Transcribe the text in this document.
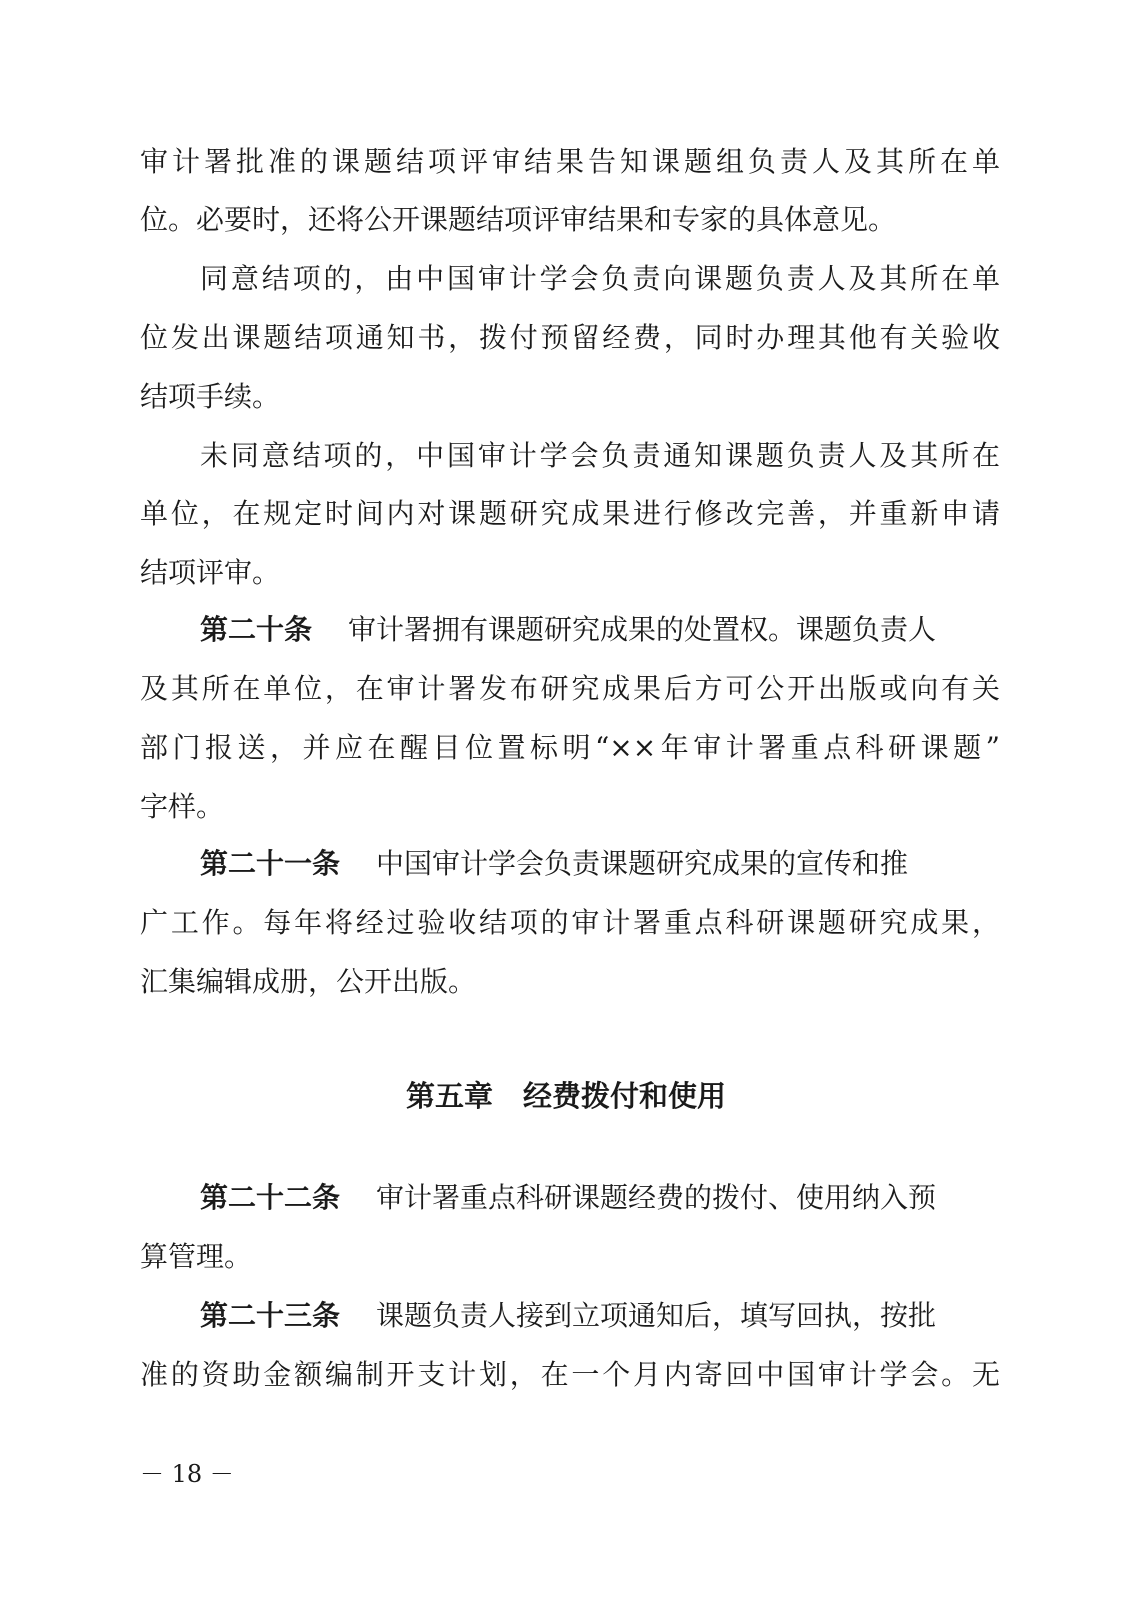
审计署批准的课题结项评审结果告知课题组负责人及其所在单
位。必要时，还将公开课题结项评审结果和专家的具体意见。
同意结项的，由中国审计学会负责向课题负责人及其所在单
位发出课题结项通知书，拨付预留经费，同时办理其他有关验收
结项手续。
未同意结项的，中国审计学会负责通知课题负责人及其所在
单位，在规定时间内对课题研究成果进行修改完善，并重新申请
结项评审。
第二十条 审计署拥有课题研究成果的处置权。课题负责人
及其所在单位，在审计署发布研究成果后方可公开出版或向有关
部门报送，并应在醒目位置标明“××年审计署重点科研课题”
字样。
第二十一条 中国审计学会负责课题研究成果的宣传和推
广工作。每年将经过验收结项的审计署重点科研课题研究成果，
汇集编辑成册，公开出版。
第五章 经费拨付和使用
第二十二条 审计署重点科研课题经费的拨付、使用纳入预
算管理。
第二十三条 课题负责人接到立项通知后，填写回执，按批
准的资助金额编制开支计划，在一个月内寄回中国审计学会。无
－ 18 －
